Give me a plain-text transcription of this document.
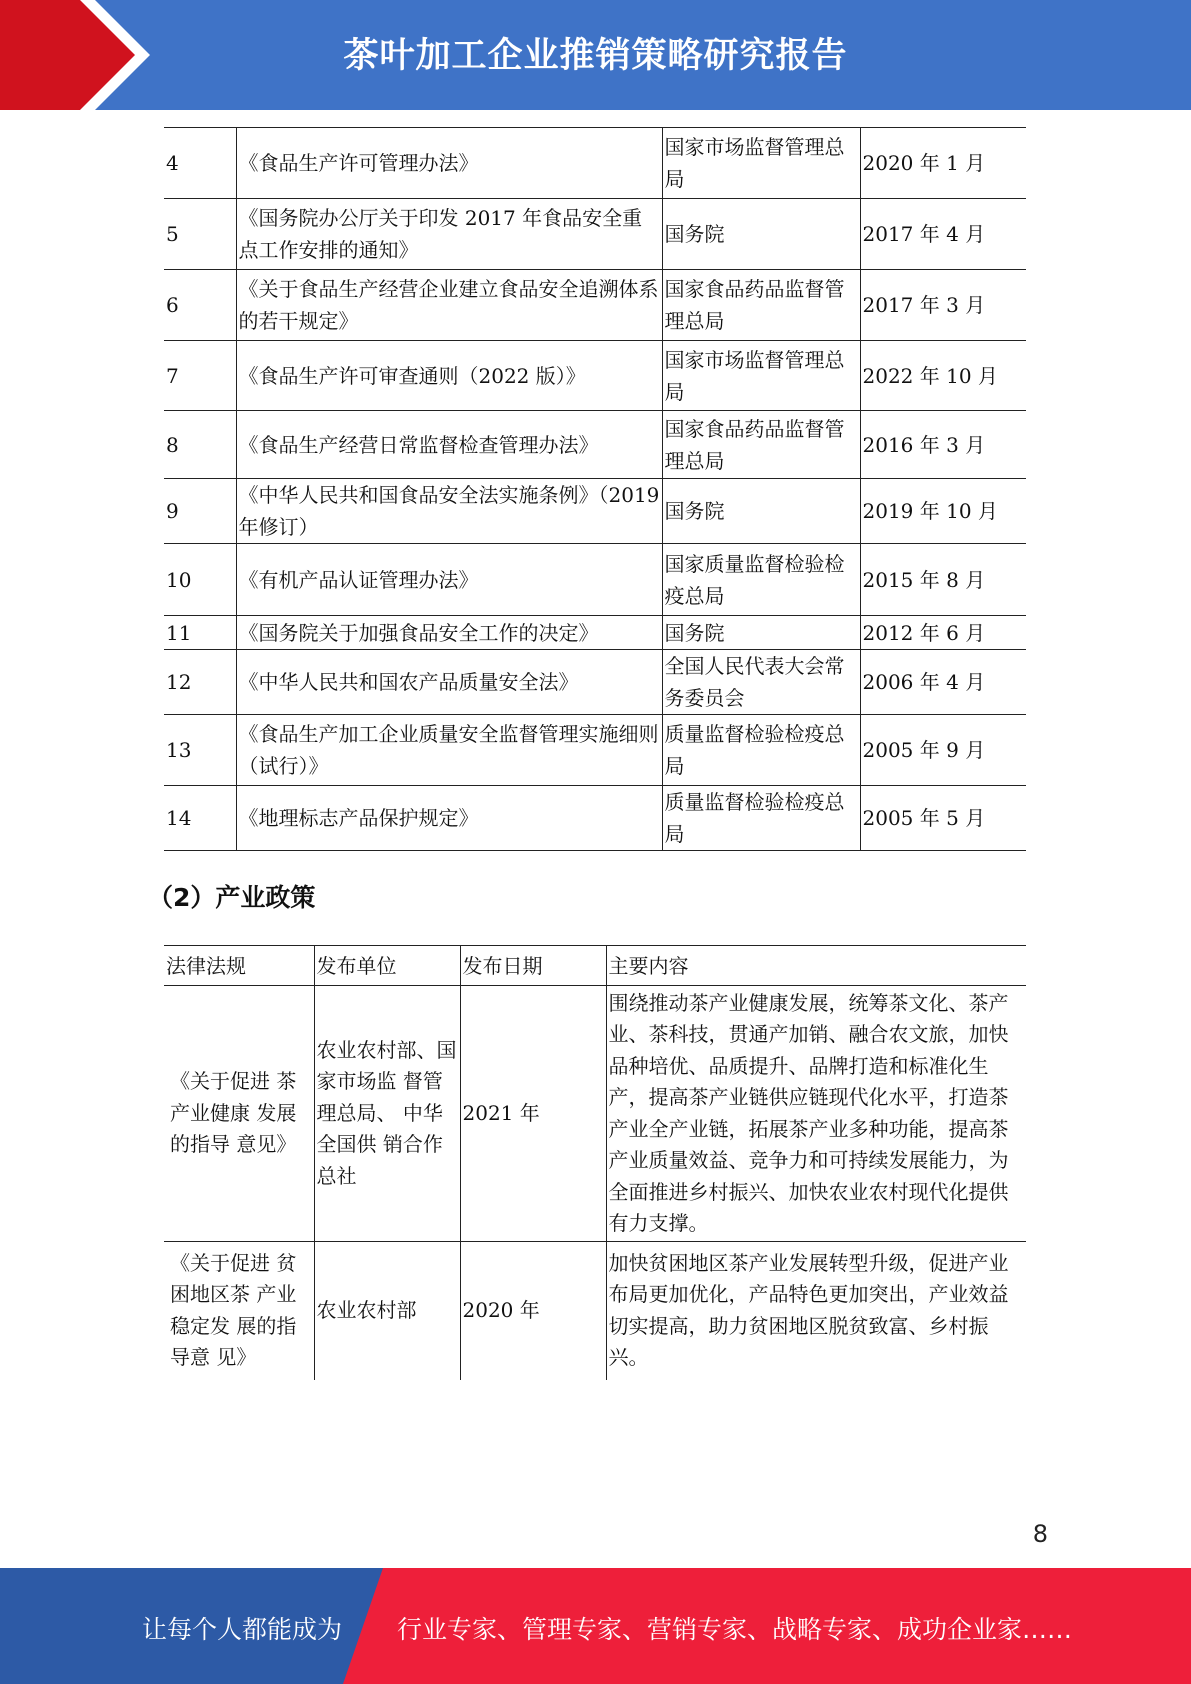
茶叶加工企业推销策略研究报告
4	《食品生产许可管理办法》	国家市场监督管理总局	2020 年 1 月
5	《国务院办公厅关于印发 2017 年食品安全重点工作安排的通知》	国务院	2017 年 4 月
6	《关于食品生产经营企业建立食品安全追溯体系的若干规定》	国家食品药品监督管理总局	2017 年 3 月
7	《食品生产许可审查通则（2022 版）》	国家市场监督管理总局	2022 年 10 月
8	《食品生产经营日常监督检查管理办法》	国家食品药品监督管理总局	2016 年 3 月
9	《中华人民共和国食品安全法实施条例》（2019 年修订）	国务院	2019 年 10 月
10	《有机产品认证管理办法》	国家质量监督检验检疫总局	2015 年 8 月
11	《国务院关于加强食品安全工作的决定》	国务院	2012 年 6 月
12	《中华人民共和国农产品质量安全法》	全国人民代表大会常务委员会	2006 年 4 月
13	《食品生产加工企业质量安全监督管理实施细则（试行）》	质量监督检验检疫总局	2005 年 9 月
14	《地理标志产品保护规定》	质量监督检验检疫总局	2005 年 5 月
（2）产业政策
法律法规	发布单位	发布日期	主要内容
《关于促进 茶产业健康 发展的指导 意见》	农业农村部、国家市场监 督管理总局、 中华全国供 销合作总社	2021 年	围绕推动茶产业健康发展，统筹茶文化、茶产业、茶科技，贯通产加销、融合农文旅，加快品种培优、品质提升、品牌打造和标准化生产，提高茶产业链供应链现代化水平，打造茶产业全产业链，拓展茶产业多种功能，提高茶产业质量效益、竞争力和可持续发展能力，为全面推进乡村振兴、加快农业农村现代化提供有力支撑。
《关于促进 贫困地区茶 产业稳定发 展的指导意 见》	农业农村部	2020 年	加快贫困地区茶产业发展转型升级，促进产业布局更加优化，产品特色更加突出，产业效益切实提高，助力贫困地区脱贫致富、乡村振兴。
8
让每个人都能成为 行业专家、管理专家、营销专家、战略专家、成功企业家……
